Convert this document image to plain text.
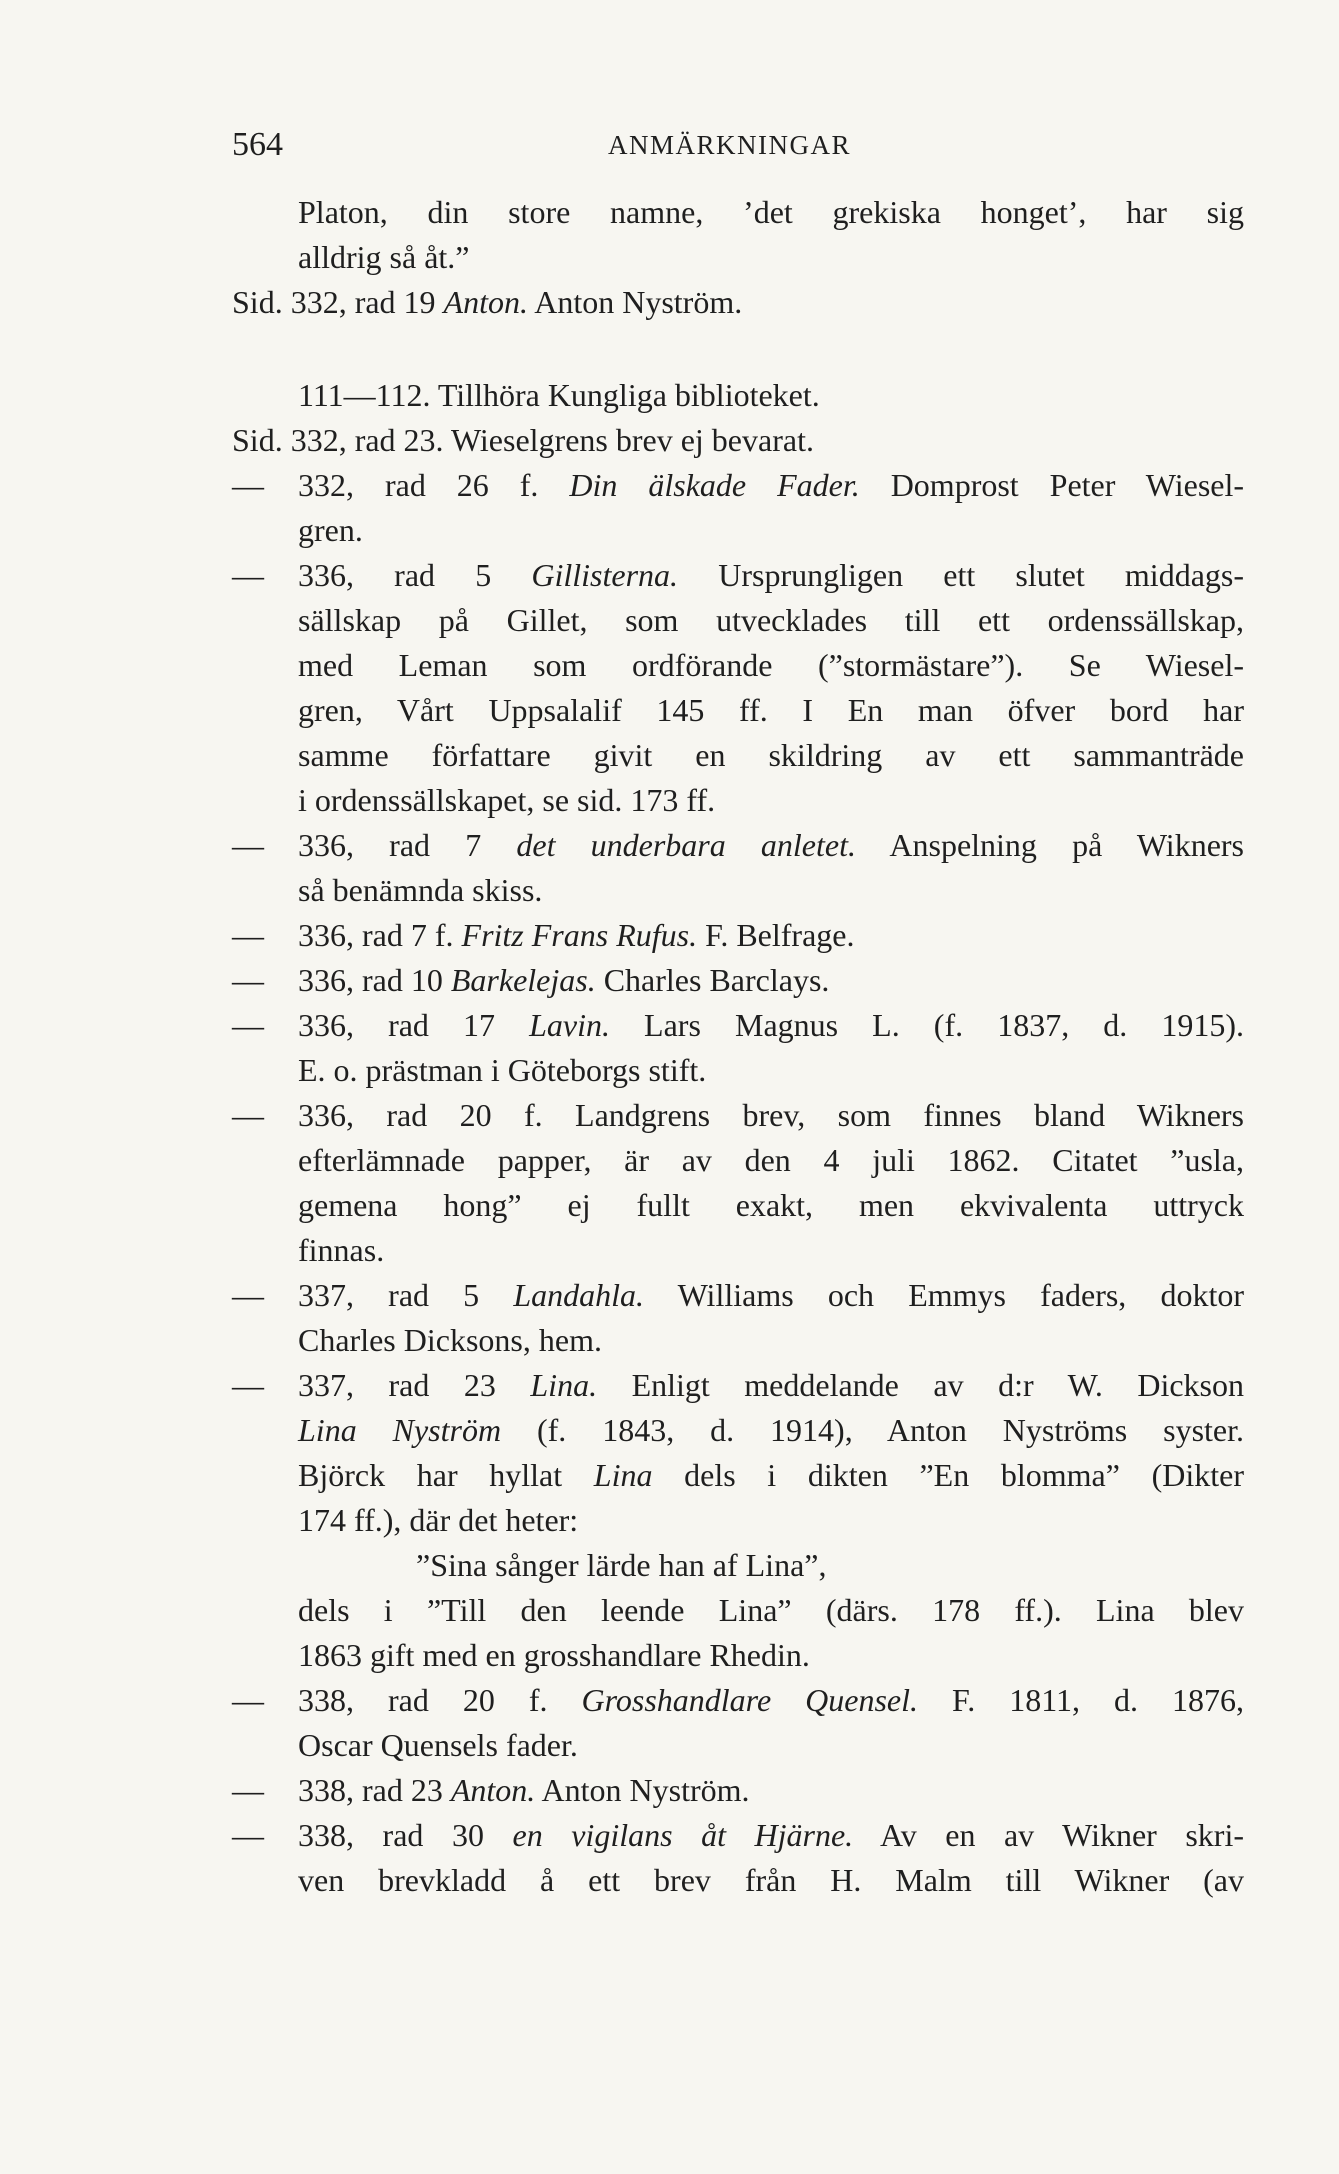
564	ANMÄRKNINGAR
Platon, din store namne, ’det grekiska honget’, har sig
alldrig så åt.”
Sid. 332, rad 19 Anton. Anton Nyström.
111—112. Tillhöra Kungliga biblioteket.
Sid. 332, rad 23. Wieselgrens brev ej bevarat.
— 332, rad 26 f. Din älskade Fader. Domprost Peter Wiesel-
gren.
— 336, rad 5 Gillisterna. Ursprungligen ett slutet middags-
sällskap på Gillet, som utvecklades till ett ordenssällskap,
med Leman som ordförande (”stormästare”). Se Wiesel-
gren, Vårt Uppsalalif 145 ff. I En man öfver bord har
samme författare givit en skildring av ett sammanträde
i ordenssällskapet, se sid. 173 ff.
— 336, rad 7 det underbara anletet. Anspelning på Wikners
så benämnda skiss.
— 336, rad 7 f. Fritz Frans Rufus. F. Belfrage.
— 336, rad 10 Barkelejas. Charles Barclays.
— 336, rad 17 Lavin. Lars Magnus L. (f. 1837, d. 1915).
E. o. prästman i Göteborgs stift.
— 336, rad 20 f. Landgrens brev, som finnes bland Wikners
efterlämnade papper, är av den 4 juli 1862. Citatet ”usla,
gemena hong” ej fullt exakt, men ekvivalenta uttryck
finnas.
— 337, rad 5 Landahla. Williams och Emmys faders, doktor
Charles Dicksons, hem.
— 337, rad 23 Lina. Enligt meddelande av d:r W. Dickson
Lina Nyström (f. 1843, d. 1914), Anton Nyströms syster.
Björck har hyllat Lina dels i dikten ”En blomma” (Dikter
174 ff.), där det heter:
”Sina sånger lärde han af Lina”,
dels i ”Till den leende Lina” (därs. 178 ff.). Lina blev
1863 gift med en grosshandlare Rhedin.
— 338, rad 20 f. Grosshandlare Quensel. F. 1811, d. 1876,
Oscar Quensels fader.
— 338, rad 23 Anton. Anton Nyström.
— 338, rad 30 en vigilans åt Hjärne. Av en av Wikner skri-
ven brevkladd å ett brev från H. Malm till Wikner (av
